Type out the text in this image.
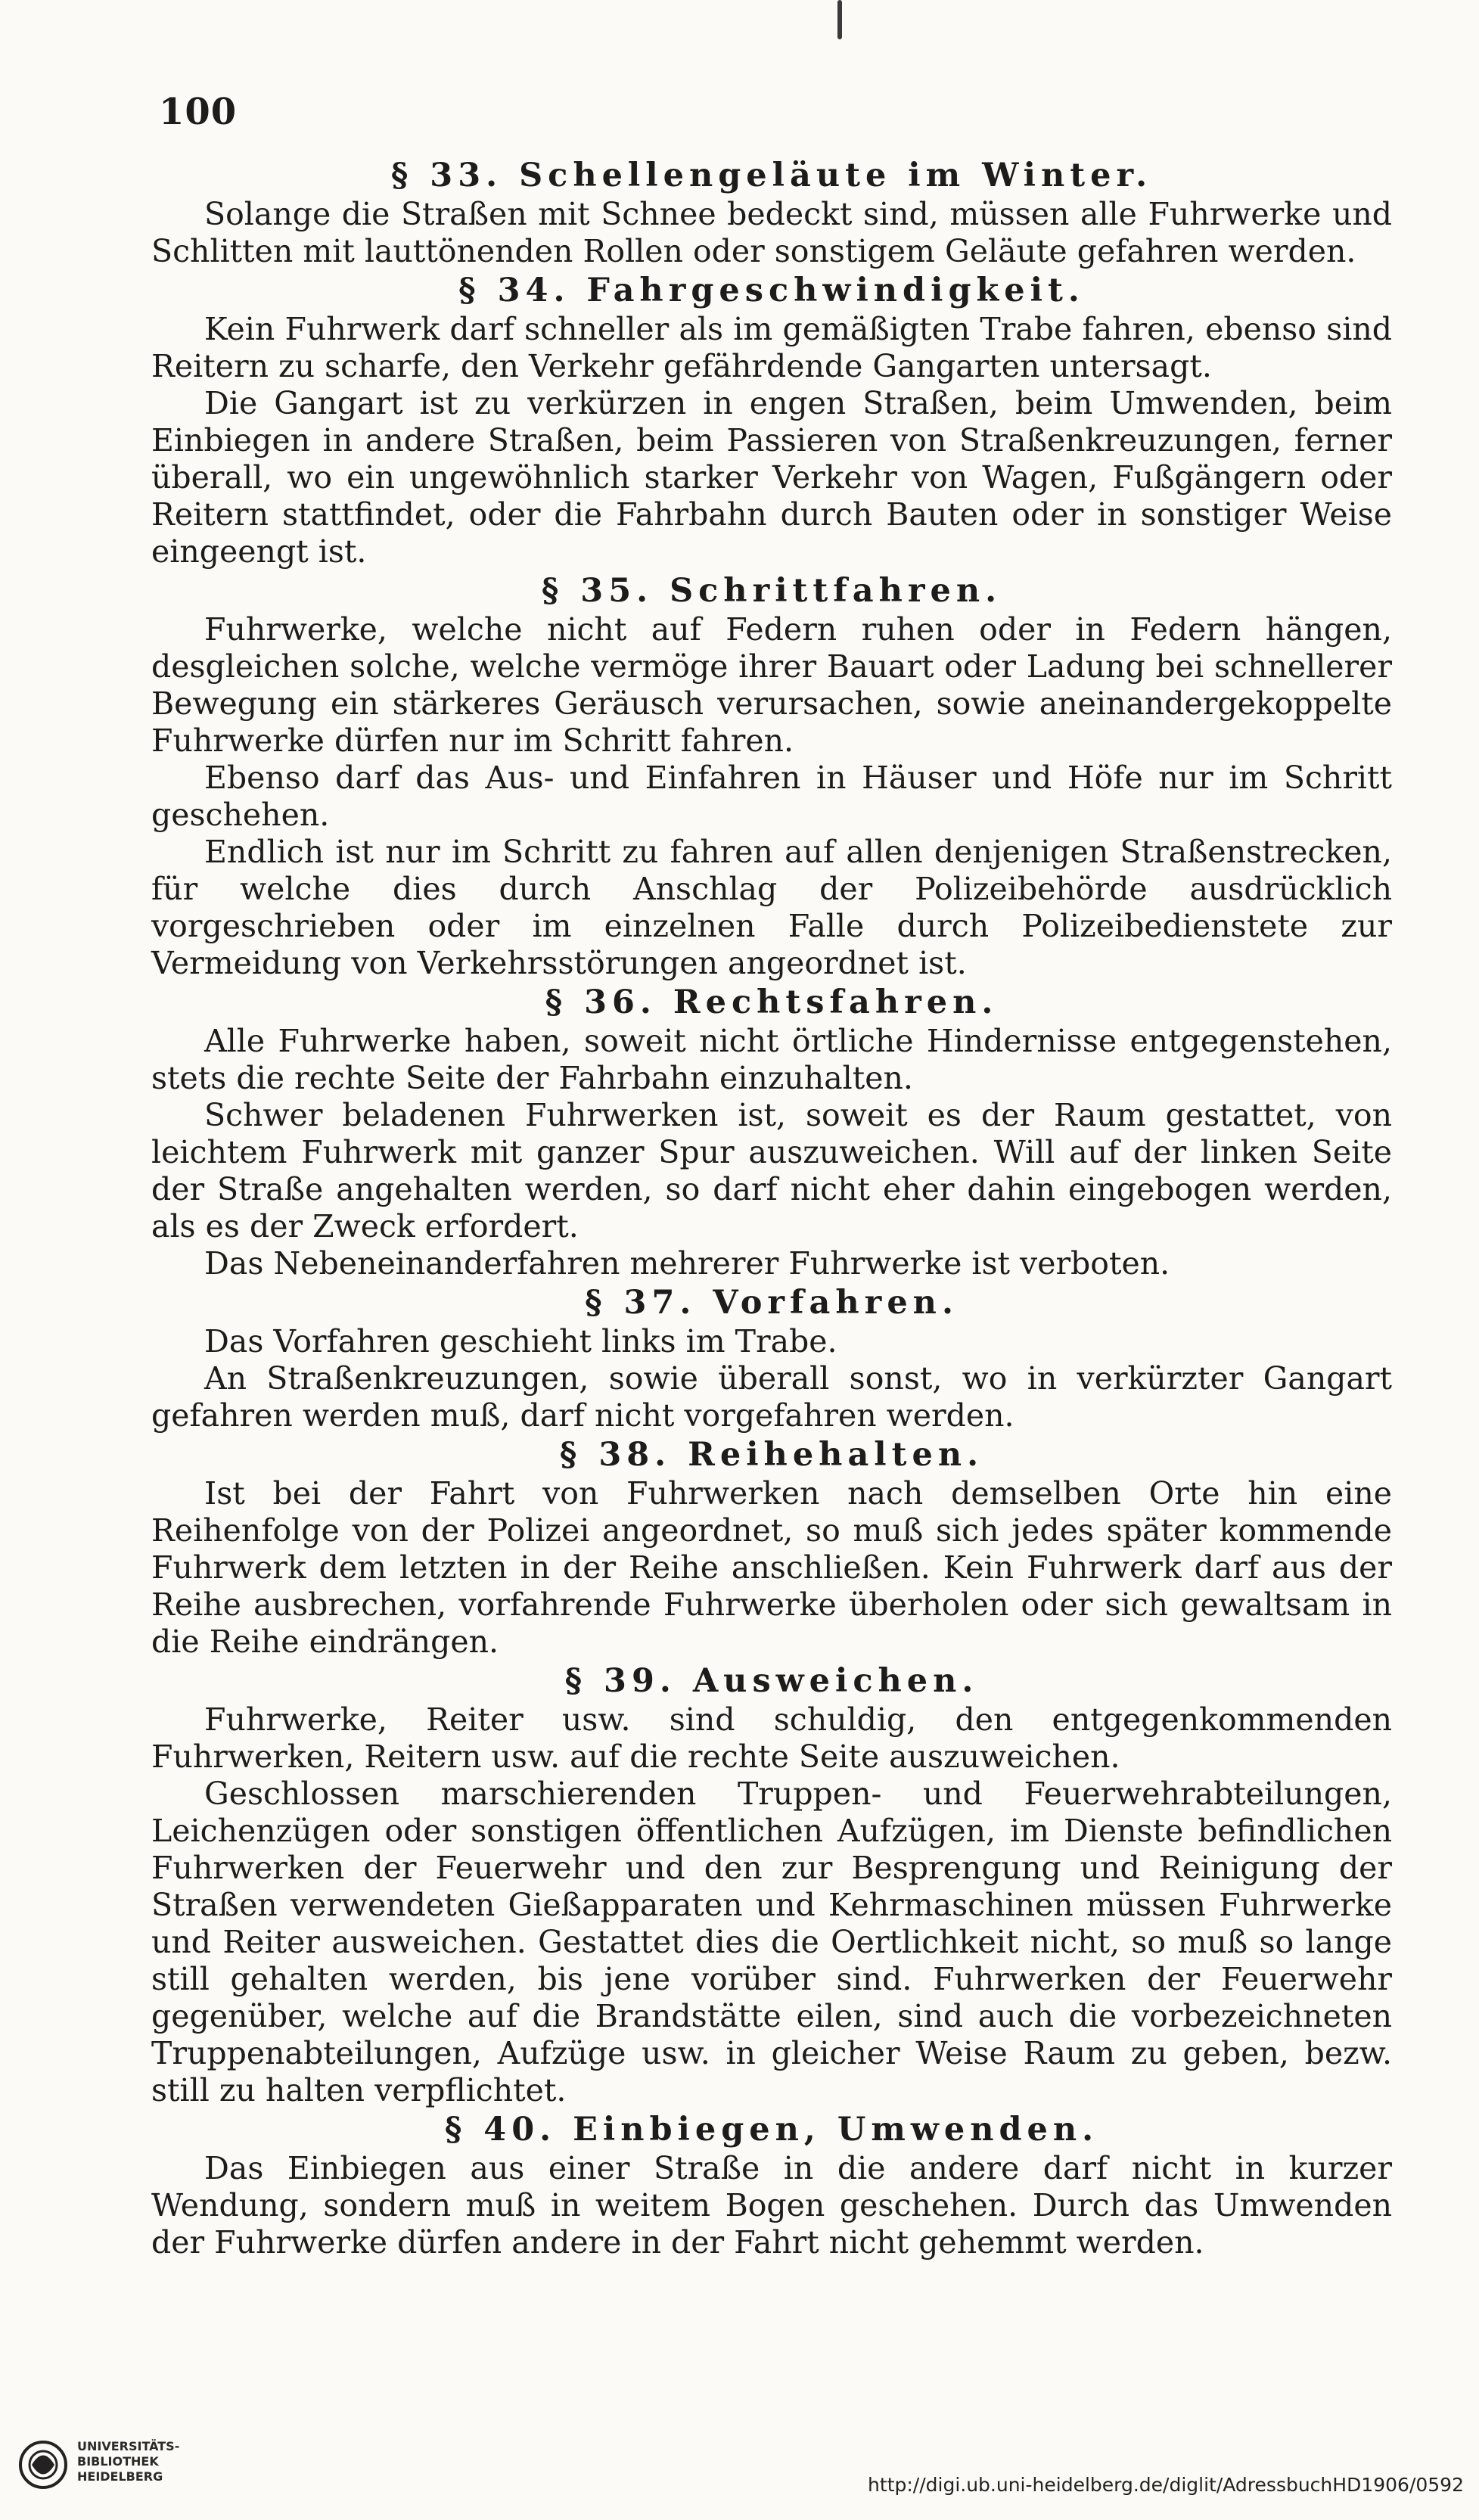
100

§ 33. Schellengeläute im Winter.

Solange die Straßen mit Schnee bedeckt sind, müssen alle Fuhrwerke und Schlitten mit lauttönenden Rollen oder sonstigem Geläute gefahren werden.

§ 34. Fahrgeschwindigkeit.

Kein Fuhrwerk darf schneller als im gemäßigten Trabe fahren, ebenso sind Reitern zu scharfe, den Verkehr gefährdende Gangarten untersagt.

Die Gangart ist zu verkürzen in engen Straßen, beim Umwenden, beim Einbiegen in andere Straßen, beim Passieren von Straßenkreuzungen, ferner überall, wo ein ungewöhnlich starker Verkehr von Wagen, Fußgängern oder Reitern stattfindet, oder die Fahrbahn durch Bauten oder in sonstiger Weise eingeengt ist.

§ 35. Schrittfahren.

Fuhrwerke, welche nicht auf Federn ruhen oder in Federn hängen, desgleichen solche, welche vermöge ihrer Bauart oder Ladung bei schnellerer Bewegung ein stärkeres Geräusch verursachen, sowie aneinandergekoppelte Fuhrwerke dürfen nur im Schritt fahren.

Ebenso darf das Aus- und Einfahren in Häuser und Höfe nur im Schritt geschehen.

Endlich ist nur im Schritt zu fahren auf allen denjenigen Straßenstrecken, für welche dies durch Anschlag der Polizeibehörde ausdrücklich vorgeschrieben oder im einzelnen Falle durch Polizeibedienstete zur Vermeidung von Verkehrsstörungen angeordnet ist.

§ 36. Rechtsfahren.

Alle Fuhrwerke haben, soweit nicht örtliche Hindernisse entgegenstehen, stets die rechte Seite der Fahrbahn einzuhalten.

Schwer beladenen Fuhrwerken ist, soweit es der Raum gestattet, von leichtem Fuhrwerk mit ganzer Spur auszuweichen. Will auf der linken Seite der Straße angehalten werden, so darf nicht eher dahin eingebogen werden, als es der Zweck erfordert.

Das Nebeneinanderfahren mehrerer Fuhrwerke ist verboten.

§ 37. Vorfahren.

Das Vorfahren geschieht links im Trabe.

An Straßenkreuzungen, sowie überall sonst, wo in verkürzter Gangart gefahren werden muß, darf nicht vorgefahren werden.

§ 38. Reihehalten.

Ist bei der Fahrt von Fuhrwerken nach demselben Orte hin eine Reihenfolge von der Polizei angeordnet, so muß sich jedes später kommende Fuhrwerk dem letzten in der Reihe anschließen. Kein Fuhrwerk darf aus der Reihe ausbrechen, vorfahrende Fuhrwerke überholen oder sich gewaltsam in die Reihe eindrängen.

§ 39. Ausweichen.

Fuhrwerke, Reiter usw. sind schuldig, den entgegenkommenden Fuhrwerken, Reitern usw. auf die rechte Seite auszuweichen.

Geschlossen marschierenden Truppen- und Feuerwehrabteilungen, Leichenzügen oder sonstigen öffentlichen Aufzügen, im Dienste befindlichen Fuhrwerken der Feuerwehr und den zur Besprengung und Reinigung der Straßen verwendeten Gießapparaten und Kehrmaschinen müssen Fuhrwerke und Reiter ausweichen. Gestattet dies die Oertlichkeit nicht, so muß so lange still gehalten werden, bis jene vorüber sind. Fuhrwerken der Feuerwehr gegenüber, welche auf die Brandstätte eilen, sind auch die vorbezeichneten Truppenabteilungen, Aufzüge usw. in gleicher Weise Raum zu geben, bezw. still zu halten verpflichtet.

§ 40. Einbiegen, Umwenden.

Das Einbiegen aus einer Straße in die andere darf nicht in kurzer Wendung, sondern muß in weitem Bogen geschehen. Durch das Umwenden der Fuhrwerke dürfen andere in der Fahrt nicht gehemmt werden.

UNIVERSITÄTS-
BIBLIOTHEK
HEIDELBERG	http://digi.ub.uni-heidelberg.de/diglit/AdressbuchHD1906/0592
